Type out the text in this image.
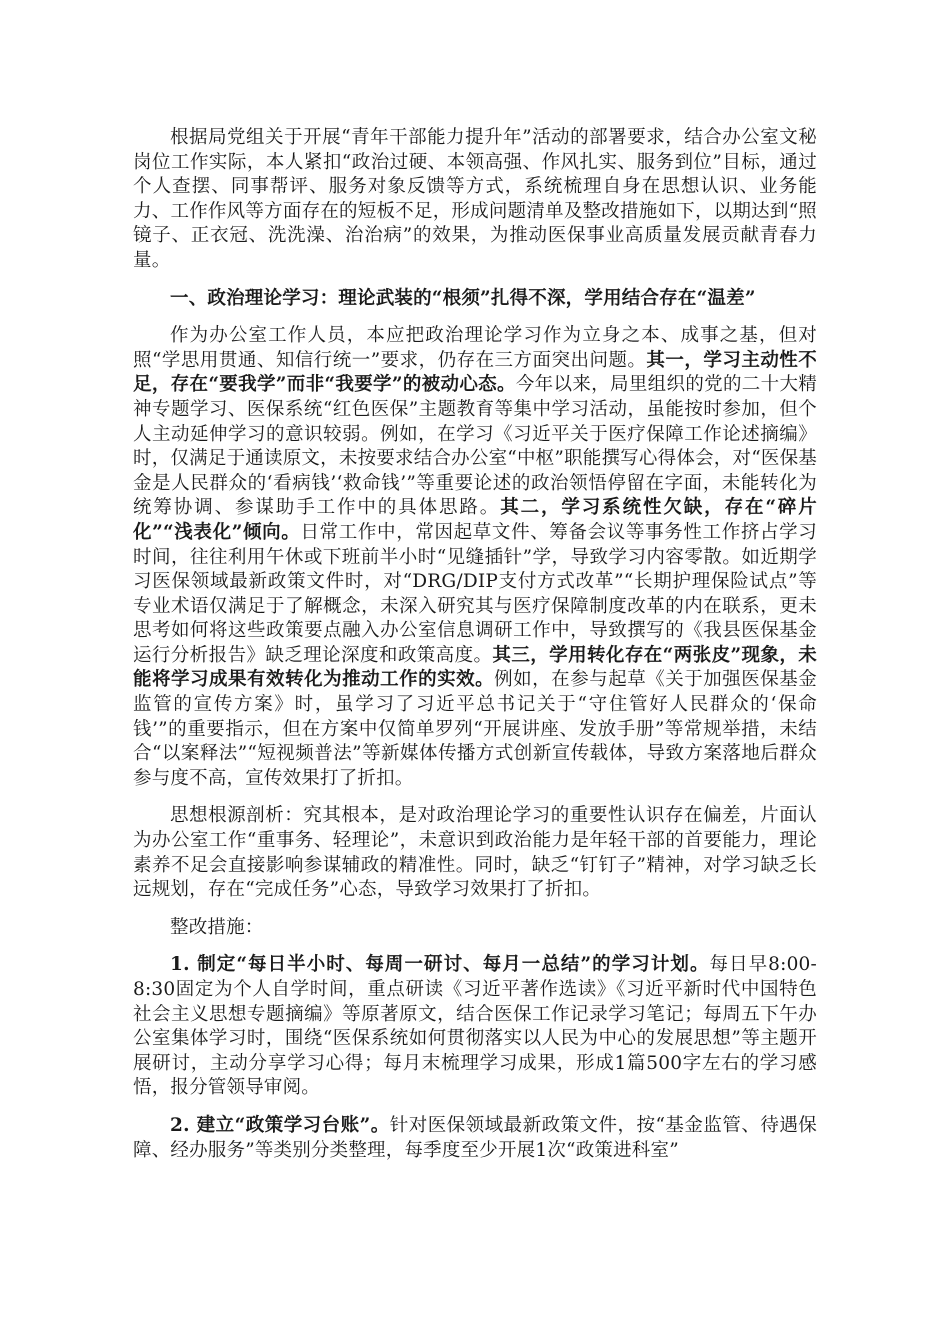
根据局党组关于开展“青年干部能力提升年”活动的部署要求，结合办公室文秘岗位工作实际，本人紧扣“政治过硬、本领高强、作风扎实、服务到位”目标，通过个人查摆、同事帮评、服务对象反馈等方式，系统梳理自身在思想认识、业务能力、工作作风等方面存在的短板不足，形成问题清单及整改措施如下，以期达到“照镜子、正衣冠、洗洗澡、治治病”的效果，为推动医保事业高质量发展贡献青春力量。

一、政治理论学习：理论武装的“根须”扎得不深，学用结合存在“温差”

作为办公室工作人员，本应把政治理论学习作为立身之本、成事之基，但对照“学思用贯通、知信行统一”要求，仍存在三方面突出问题。其一，学习主动性不足，存在“要我学”而非“我要学”的被动心态。今年以来，局里组织的党的二十大精神专题学习、医保系统“红色医保”主题教育等集中学习活动，虽能按时参加，但个人主动延伸学习的意识较弱。例如，在学习《习近平关于医疗保障工作论述摘编》时，仅满足于通读原文，未按要求结合办公室“中枢”职能撰写心得体会，对“医保基金是人民群众的‘看病钱’‘救命钱’”等重要论述的政治领悟停留在字面，未能转化为统筹协调、参谋助手工作中的具体思路。其二，学习系统性欠缺，存在“碎片化”“浅表化”倾向。日常工作中，常因起草文件、筹备会议等事务性工作挤占学习时间，往往利用午休或下班前半小时“见缝插针”学，导致学习内容零散。如近期学习医保领域最新政策文件时，对“DRG/DIP支付方式改革”“长期护理保险试点”等专业术语仅满足于了解概念，未深入研究其与医疗保障制度改革的内在联系，更未思考如何将这些政策要点融入办公室信息调研工作中，导致撰写的《我县医保基金运行分析报告》缺乏理论深度和政策高度。其三，学用转化存在“两张皮”现象，未能将学习成果有效转化为推动工作的实效。例如，在参与起草《关于加强医保基金监管的宣传方案》时，虽学习了习近平总书记关于“守住管好人民群众的‘保命钱’”的重要指示，但在方案中仅简单罗列“开展讲座、发放手册”等常规举措，未结合“以案释法”“短视频普法”等新媒体传播方式创新宣传载体，导致方案落地后群众参与度不高，宣传效果打了折扣。

思想根源剖析：究其根本，是对政治理论学习的重要性认识存在偏差，片面认为办公室工作“重事务、轻理论”，未意识到政治能力是年轻干部的首要能力，理论素养不足会直接影响参谋辅政的精准性。同时，缺乏“钉钉子”精神，对学习缺乏长远规划，存在“完成任务”心态，导致学习效果打了折扣。

整改措施：

1. 制定“每日半小时、每周一研讨、每月一总结”的学习计划。每日早8:00-8:30固定为个人自学时间，重点研读《习近平著作选读》《习近平新时代中国特色社会主义思想专题摘编》等原著原文，结合医保工作记录学习笔记；每周五下午办公室集体学习时，围绕“医保系统如何贯彻落实以人民为中心的发展思想”等主题开展研讨，主动分享学习心得；每月末梳理学习成果，形成1篇500字左右的学习感悟，报分管领导审阅。

2. 建立“政策学习台账”。针对医保领域最新政策文件，按“基金监管、待遇保障、经办服务”等类别分类整理，每季度至少开展1次“政策进科室”
